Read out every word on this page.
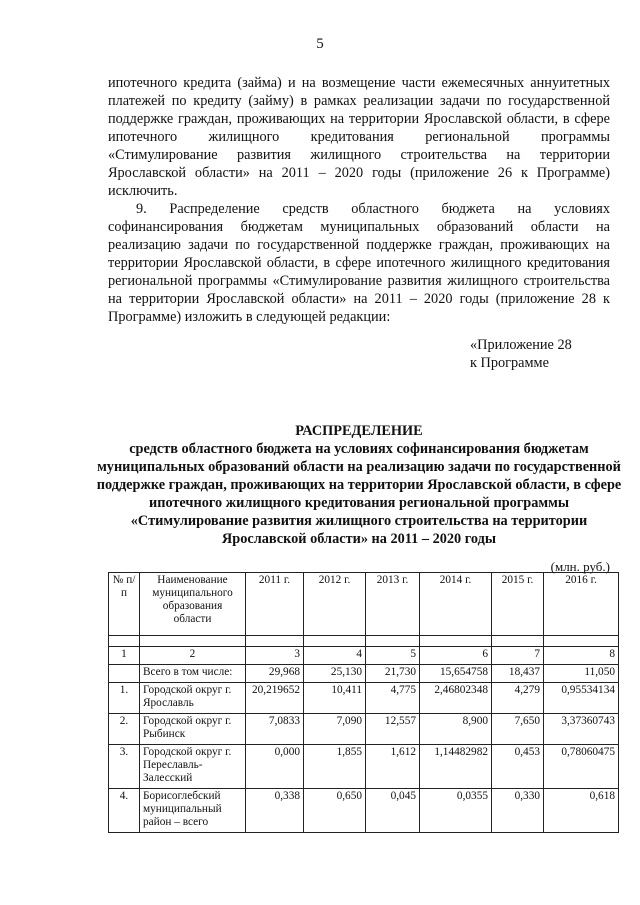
5
ипотечного кредита (займа) и на возмещение части ежемесячных аннуитетных платежей по кредиту (займу) в рамках реализации задачи по государственной поддержке граждан, проживающих на территории Ярославской области, в сфере ипотечного жилищного кредитования региональной программы «Стимулирование развития жилищного строительства на территории Ярославской области» на 2011 – 2020 годы (приложение 26 к Программе) исключить.
9. Распределение средств областного бюджета на условиях софинансирования бюджетам муниципальных образований области на реализацию задачи по государственной поддержке граждан, проживающих на территории Ярославской области, в сфере ипотечного жилищного кредитования региональной программы «Стимулирование развития жилищного строительства на территории Ярославской области» на 2011 – 2020 годы (приложение 28 к Программе) изложить в следующей редакции:
«Приложение 28
к Программе
РАСПРЕДЕЛЕНИЕ
средств областного бюджета на условиях софинансирования бюджетам муниципальных образований области на реализацию задачи по государственной поддержке граждан, проживающих на территории Ярославской области, в сфере ипотечного жилищного кредитования региональной программы «Стимулирование развития жилищного строительства на территории Ярославской области» на 2011 – 2020 годы
(млн. руб.)
№ п/п	Наименование муниципального образования области	2011 г.	2012 г.	2013 г.	2014 г.	2015 г.	2016 г.

1	2	3	4	5	6	7	8
	Всего в том числе:	29,968	25,130	21,730	15,654758	18,437	11,050
1.	Городской округ г. Ярославль	20,219652	10,411	4,775	2,46802348	4,279	0,95534134
2.	Городской округ г. Рыбинск	7,0833	7,090	12,557	8,900	7,650	3,37360743
3.	Городской округ г. Переславль-Залесский	0,000	1,855	1,612	1,14482982	0,453	0,78060475
4.	Борисоглебский муниципальный район – всего	0,338	0,650	0,045	0,0355	0,330	0,618
